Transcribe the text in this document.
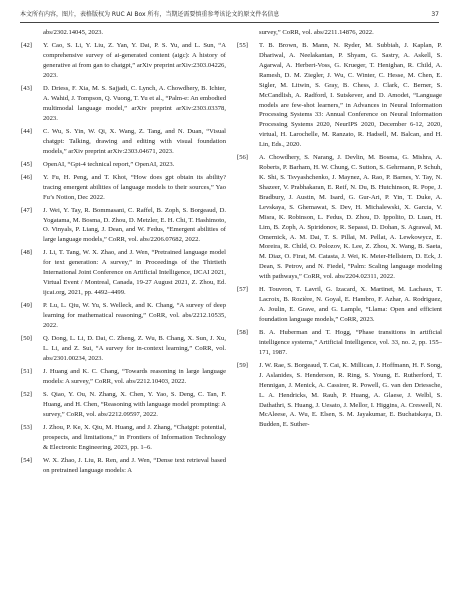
本文所有内容，图片，表格版权为 RUC AI Box 所有，当期还需要慎重参考该论文的原文件名信息	37
abs/2302.14045, 2023.
[42]	Y. Cao, S. Li, Y. Liu, Z. Yan, Y. Dai, P. S. Yu, and L. Sun, “A comprehensive survey of ai-generated content (aigc): A history of generative ai from gan to chatgpt,” arXiv preprint arXiv:2303.04226, 2023.
[43]	D. Driess, F. Xia, M. S. Sajjadi, C. Lynch, A. Chowdhery, B. Ichter, A. Wahid, J. Tompson, Q. Vuong, T. Yu et al., “Palm-e: An embodied multimodal language model,” arXiv preprint arXiv:2303.03378, 2023.
[44]	C. Wu, S. Yin, W. Qi, X. Wang, Z. Tang, and N. Duan, “Visual chatgpt: Talking, drawing and editing with visual foundation models,” arXiv preprint arXiv:2303.04671, 2023.
[45]	OpenAI, “Gpt-4 technical report,” OpenAI, 2023.
[46]	Y. Fu, H. Peng, and T. Khot, “How does gpt obtain its ability? tracing emergent abilities of language models to their sources,” Yao Fu’s Notion, Dec 2022.
[47]	J. Wei, Y. Tay, R. Bommasani, C. Raffel, B. Zoph, S. Borgeaud, D. Yogatama, M. Bosma, D. Zhou, D. Metzler, E. H. Chi, T. Hashimoto, O. Vinyals, P. Liang, J. Dean, and W. Fedus, “Emergent abilities of large language models,” CoRR, vol. abs/2206.07682, 2022.
[48]	J. Li, T. Tang, W. X. Zhao, and J. Wen, “Pretrained language model for text generation: A survey,” in Proceedings of the Thirtieth International Joint Conference on Artificial Intelligence, IJCAI 2021, Virtual Event / Montreal, Canada, 19-27 August 2021, Z. Zhou, Ed. ijcai.org, 2021, pp. 4492–4499.
[49]	P. Lu, L. Qiu, W. Yu, S. Welleck, and K. Chang, “A survey of deep learning for mathematical reasoning,” CoRR, vol. abs/2212.10535, 2022.
[50]	Q. Dong, L. Li, D. Dai, C. Zheng, Z. Wu, B. Chang, X. Sun, J. Xu, L. Li, and Z. Sui, “A survey for in-context learning,” CoRR, vol. abs/2301.00234, 2023.
[51]	J. Huang and K. C. Chang, “Towards reasoning in large language models: A survey,” CoRR, vol. abs/2212.10403, 2022.
[52]	S. Qiao, Y. Ou, N. Zhang, X. Chen, Y. Yao, S. Deng, C. Tan, F. Huang, and H. Chen, “Reasoning with language model prompting: A survey,” CoRR, vol. abs/2212.09597, 2022.
[53]	J. Zhou, P. Ke, X. Qiu, M. Huang, and J. Zhang, “Chatgpt: potential, prospects, and limitations,” in Frontiers of Information Technology & Electronic Engineering, 2023, pp. 1–6.
[54]	W. X. Zhao, J. Liu, R. Ren, and J. Wen, “Dense text retrieval based on pretrained language models: A
survey,” CoRR, vol. abs/2211.14876, 2022.
[55]	T. B. Brown, B. Mann, N. Ryder, M. Subbiah, J. Kaplan, P. Dhariwal, A. Neelakantan, P. Shyam, G. Sastry, A. Askell, S. Agarwal, A. Herbert-Voss, G. Krueger, T. Henighan, R. Child, A. Ramesh, D. M. Ziegler, J. Wu, C. Winter, C. Hesse, M. Chen, E. Sigler, M. Litwin, S. Gray, B. Chess, J. Clark, C. Berner, S. McCandlish, A. Radford, I. Sutskever, and D. Amodei, “Language models are few-shot learners,” in Advances in Neural Information Processing Systems 33: Annual Conference on Neural Information Processing Systems 2020, NeurIPS 2020, December 6-12, 2020, virtual, H. Larochelle, M. Ranzato, R. Hadsell, M. Balcan, and H. Lin, Eds., 2020.
[56]	A. Chowdhery, S. Narang, J. Devlin, M. Bosma, G. Mishra, A. Roberts, P. Barham, H. W. Chung, C. Sutton, S. Gehrmann, P. Schuh, K. Shi, S. Tsvyashchenko, J. Maynez, A. Rao, P. Barnes, Y. Tay, N. Shazeer, V. Prabhakaran, E. Reif, N. Du, B. Hutchinson, R. Pope, J. Bradbury, J. Austin, M. Isard, G. Gur-Ari, P. Yin, T. Duke, A. Levskaya, S. Ghemawat, S. Dev, H. Michalewski, X. Garcia, V. Misra, K. Robinson, L. Fedus, D. Zhou, D. Ippolito, D. Luan, H. Lim, B. Zoph, A. Spiridonov, R. Sepassi, D. Dohan, S. Agrawal, M. Omernick, A. M. Dai, T. S. Pillai, M. Pellat, A. Lewkowycz, E. Moreira, R. Child, O. Polozov, K. Lee, Z. Zhou, X. Wang, B. Saeta, M. Diaz, O. Firat, M. Catasta, J. Wei, K. Meier-Hellstern, D. Eck, J. Dean, S. Petrov, and N. Fiedel, “Palm: Scaling language modeling with pathways,” CoRR, vol. abs/2204.02311, 2022.
[57]	H. Touvron, T. Lavril, G. Izacard, X. Martinet, M. Lachaux, T. Lacroix, B. Rozière, N. Goyal, E. Hambro, F. Azhar, A. Rodriguez, A. Joulin, E. Grave, and G. Lample, “Llama: Open and efficient foundation language models,” CoRR, 2023.
[58]	B. A. Huberman and T. Hogg, “Phase transitions in artificial intelligence systems,” Artificial Intelligence, vol. 33, no. 2, pp. 155–171, 1987.
[59]	J. W. Rae, S. Borgeaud, T. Cai, K. Millican, J. Hoffmann, H. F. Song, J. Aslanides, S. Henderson, R. Ring, S. Young, E. Rutherford, T. Hennigan, J. Menick, A. Cassirer, R. Powell, G. van den Driessche, L. A. Hendricks, M. Rauh, P. Huang, A. Glaese, J. Welbl, S. Dathathri, S. Huang, J. Uesato, J. Mellor, I. Higgins, A. Creswell, N. McAleese, A. Wu, E. Elsen, S. M. Jayakumar, E. Buchatskaya, D. Budden, E. Suther-
